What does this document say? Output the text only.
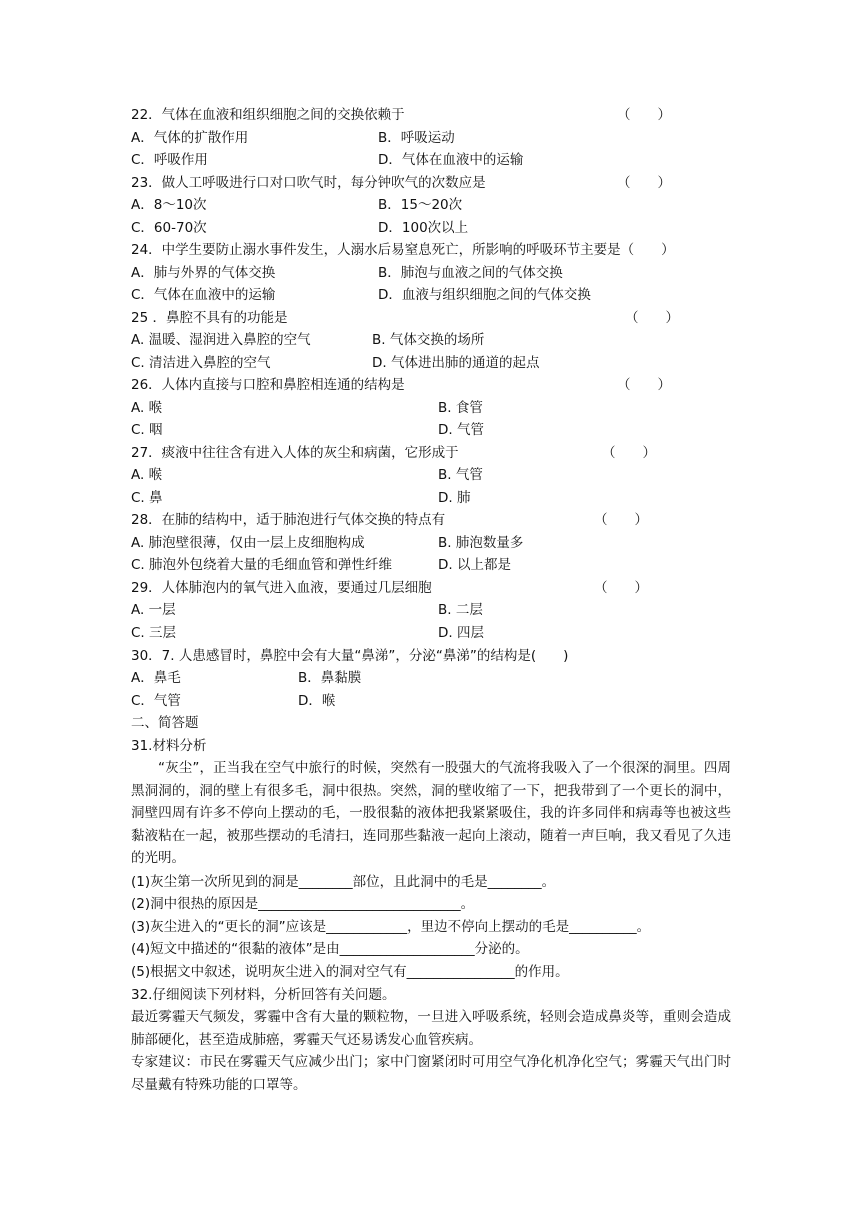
22．气体在血液和组织细胞之间的交换依赖于	（　　）
A．气体的扩散作用	B．呼吸运动
C．呼吸作用	D．气体在血液中的运输
23．做人工呼吸进行口对口吹气时，每分钟吹气的次数应是	（　　）
A．8～10次	B．15～20次
C．60-70次	D．100次以上
24．中学生要防止溺水事件发生，人溺水后易窒息死亡，所影响的呼吸环节主要是（　　）
A．肺与外界的气体交换	B．肺泡与血液之间的气体交换
C．气体在血液中的运输	D．血液与组织细胞之间的气体交换
25 ．鼻腔不具有的功能是	（　　）
A. 温暖、湿润进入鼻腔的空气	B. 气体交换的场所
C. 清洁进入鼻腔的空气	D. 气体进出肺的通道的起点
26．人体内直接与口腔和鼻腔相连通的结构是	（　　）
A. 喉	B. 食管
C. 咽	D. 气管
27．痰液中往往含有进入人体的灰尘和病菌，它形成于	（　　）
A. 喉	B. 气管
C. 鼻	D. 肺
28．在肺的结构中，适于肺泡进行气体交换的特点有	（　　）
A. 肺泡壁很薄，仅由一层上皮细胞构成	B. 肺泡数量多
C. 肺泡外包绕着大量的毛细血管和弹性纤维	D. 以上都是
29．人体肺泡内的氧气进入血液，要通过几层细胞	（　　）
A. 一层	B. 二层
C. 三层	D. 四层
30．7. 人患感冒时，鼻腔中会有大量“鼻涕”，分泌“鼻涕”的结构是(　　)
A．鼻毛	B．鼻黏膜
C．气管	D．喉
二、简答题
31.材料分析
“灰尘”，正当我在空气中旅行的时候，突然有一股强大的气流将我吸入了一个很深的洞里。四周黑洞洞的，洞的壁上有很多毛，洞中很热。突然，洞的壁收缩了一下，把我带到了一个更长的洞中，洞壁四周有许多不停向上摆动的毛，一股很黏的液体把我紧紧吸住，我的许多同伴和病毒等也被这些黏液粘在一起，被那些摆动的毛清扫，连同那些黏液一起向上滚动，随着一声巨响，我又看见了久违的光明。
(1)灰尘第一次所见到的洞是________部位，且此洞中的毛是________。
(2)洞中很热的原因是______________________________。
(3)灰尘进入的“更长的洞”应该是____________，里边不停向上摆动的毛是__________。
(4)短文中描述的“很黏的液体”是由____________________分泌的。
(5)根据文中叙述，说明灰尘进入的洞对空气有________________的作用。
32.仔细阅读下列材料，分析回答有关问题。
最近雾霾天气频发，雾霾中含有大量的颗粒物，一旦进入呼吸系统，轻则会造成鼻炎等，重则会造成肺部硬化，甚至造成肺癌，雾霾天气还易诱发心血管疾病。
专家建议：市民在雾霾天气应减少出门；家中门窗紧闭时可用空气净化机净化空气；雾霾天气出门时尽量戴有特殊功能的口罩等。
